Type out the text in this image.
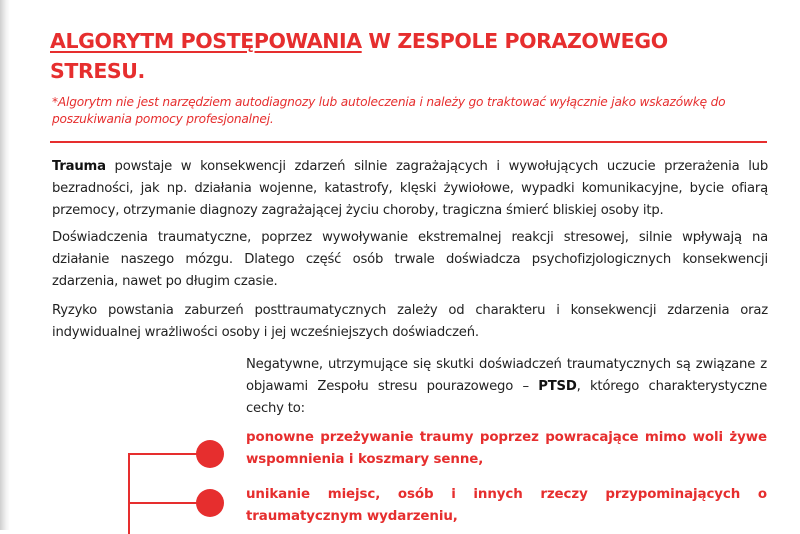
ALGORYTM POSTĘPOWANIA W ZESPOLE PORAZOWEGO STRESU.

*Algorytm nie jest narzędziem autodiagnozy lub autoleczenia i należy go traktować wyłącznie jako wskazówkę do poszukiwania pomocy profesjonalnej.

Trauma powstaje w konsekwencji zdarzeń silnie zagrażających i wywołujących uczucie przerażenia lub bezradności, jak np. działania wojenne, katastrofy, klęski żywiołowe, wypadki komunikacyjne, bycie ofiarą przemocy, otrzymanie diagnozy zagrażającej życiu choroby, tragiczna śmierć bliskiej osoby itp.

Doświadczenia traumatyczne, poprzez wywoływanie ekstremalnej reakcji stresowej, silnie wpływają na działanie naszego mózgu. Dlatego część osób trwale doświadcza psychofizjologicznych konsekwencji zdarzenia, nawet po długim czasie.

Ryzyko powstania zaburzeń posttraumatycznych zależy od charakteru i konsekwencji zdarzenia oraz indywidualnej wrażliwości osoby i jej wcześniejszych doświadczeń.

Negatywne, utrzymujące się skutki doświadczeń traumatycznych są związane z objawami Zespołu stresu pourazowego – PTSD, którego charakterystyczne cechy to:

ponowne przeżywanie traumy poprzez powracające mimo woli żywe wspomnienia i koszmary senne,

unikanie miejsc, osób i innych rzeczy przypominających o traumatycznym wydarzeniu,
